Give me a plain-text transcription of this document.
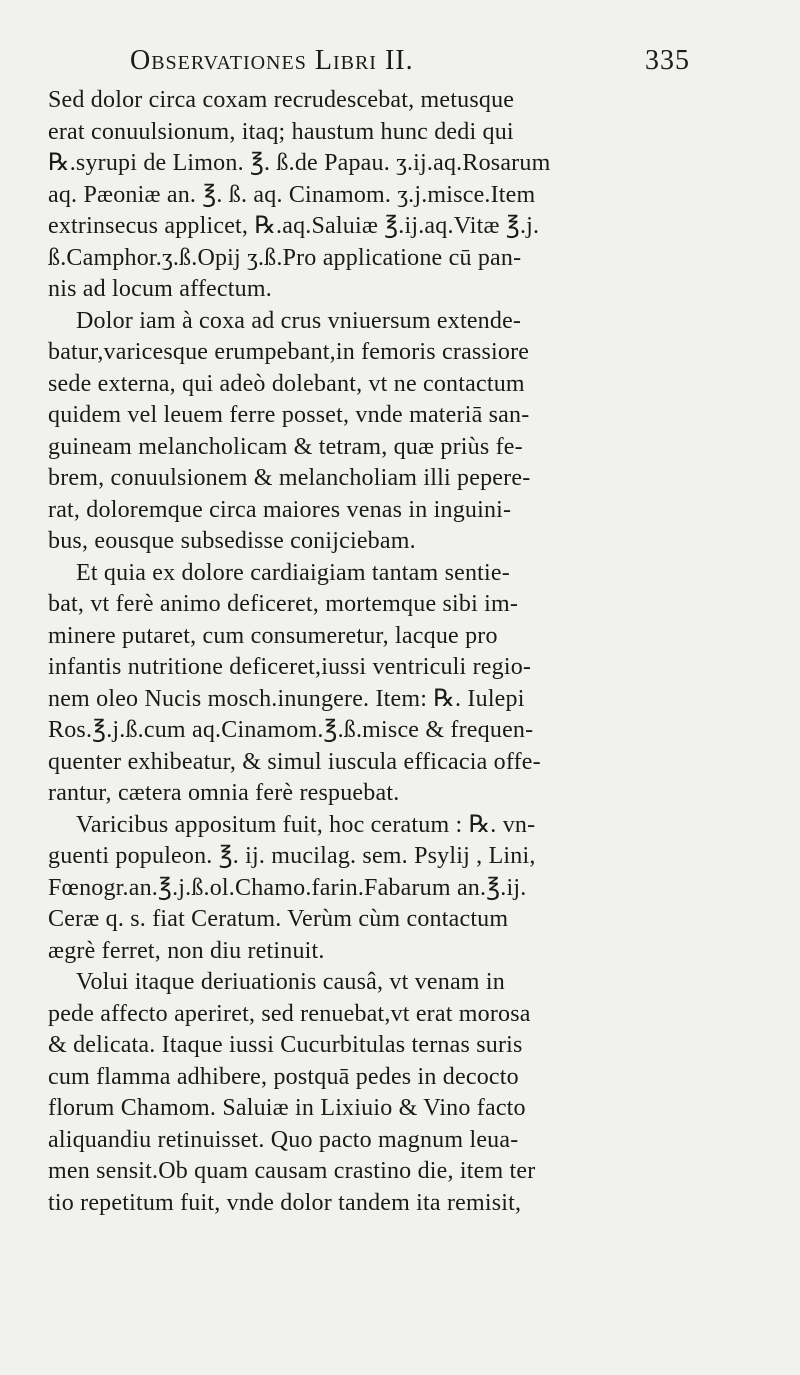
Observationes Libri II.	335
Sed dolor circa coxam recrudescebat, metusque
erat conuulsionum, itaq; haustum hunc dedi qui
℞.syrupi de Limon. ℥. ß.de Papau. ʒ.ij.aq.Rosarum
aq. Pæoniæ an. ℥. ß. aq. Cinamom. ʒ.j.misce.Item
extrinsecus applicet, ℞.aq.Saluiæ ℥.ij.aq.Vitæ ℥.j.
ß.Camphor.ʒ.ß.Opij ʒ.ß.Pro applicatione cū pan-
nis ad locum affectum.
Dolor iam à coxa ad crus vniuersum extende-
batur,varicesque erumpebant,in femoris crassiore
sede externa, qui adeò dolebant, vt ne contactum
quidem vel leuem ferre posset, vnde materiā san-
guineam melancholicam & tetram, quæ priùs fe-
brem, conuulsionem & melancholiam illi pepere-
rat, doloremque circa maiores venas in inguini-
bus, eousque subsedisse conijciebam.
Et quia ex dolore cardiaigiam tantam sentie-
bat, vt ferè animo deficeret, mortemque sibi im-
minere putaret, cum consumeretur, lacque pro
infantis nutritione deficeret,iussi ventriculi regio-
nem oleo Nucis mosch.inungere. Item: ℞. Iulepi
Ros.℥.j.ß.cum aq.Cinamom.℥.ß.misce & frequen-
quenter exhibeatur, & simul iuscula efficacia offe-
rantur, cætera omnia ferè respuebat.
Varicibus appositum fuit, hoc ceratum : ℞. vn-
guenti populeon. ℥. ij. mucilag. sem. Psylij , Lini,
Fœnogr.an.℥.j.ß.ol.Chamo.farin.Fabarum an.℥.ij.
Ceræ q. s. fiat Ceratum. Verùm cùm contactum
ægrè ferret, non diu retinuit.
Volui itaque deriuationis causâ, vt venam in
pede affecto aperiret, sed renuebat,vt erat morosa
& delicata. Itaque iussi Cucurbitulas ternas suris
cum flamma adhibere, postquā pedes in decocto
florum Chamom. Saluiæ in Lixiuio & Vino facto
aliquandiu retinuisset. Quo pacto magnum leua-
men sensit.Ob quam causam crastino die, item ter
tio repetitum fuit, vnde dolor tandem ita remisit,
